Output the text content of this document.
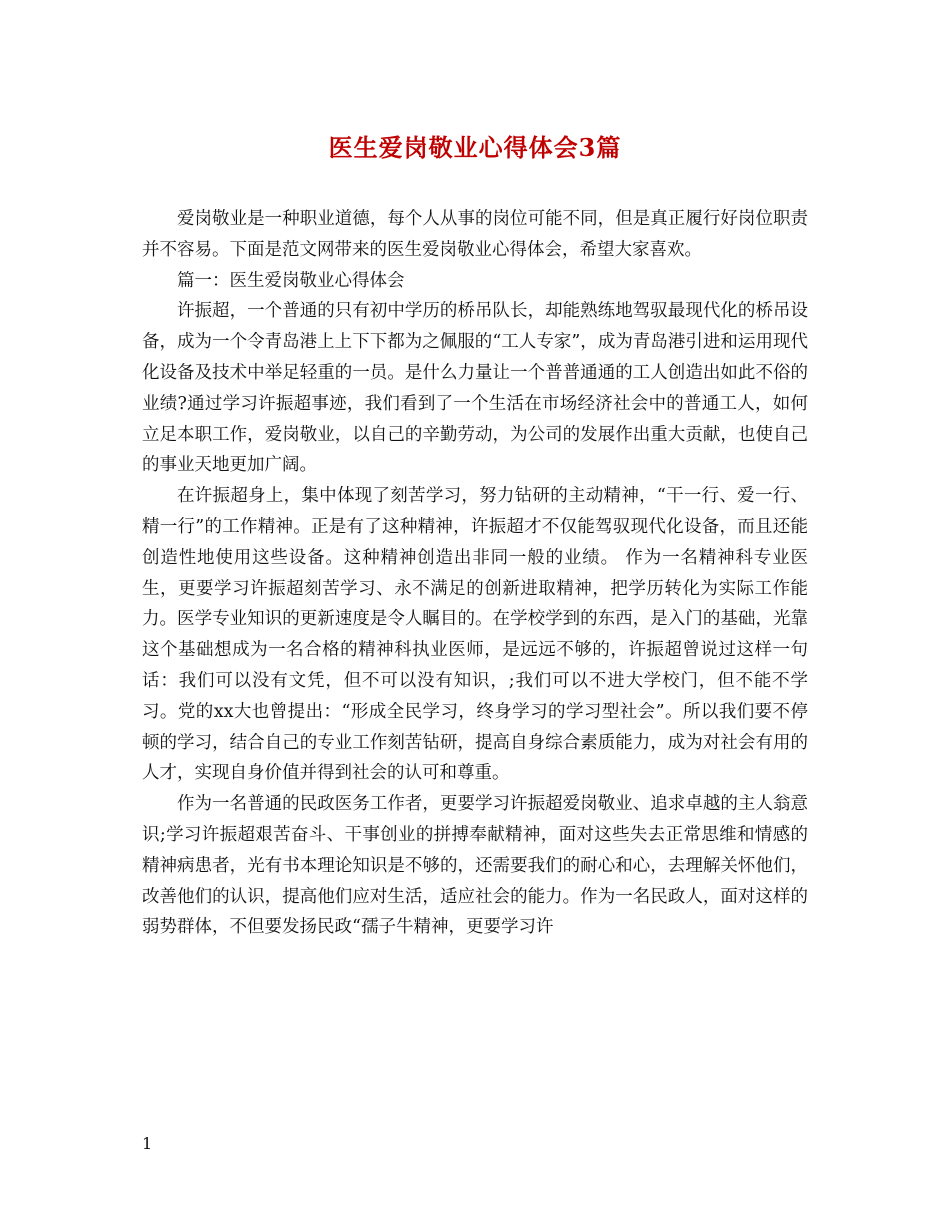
医生爱岗敬业心得体会3篇

爱岗敬业是一种职业道德，每个人从事的岗位可能不同，但是真正履行好岗位职责并不容易。下面是范文网带来的医生爱岗敬业心得体会，希望大家喜欢。

篇一：医生爱岗敬业心得体会

许振超，一个普通的只有初中学历的桥吊队长，却能熟练地驾驭最现代化的桥吊设备，成为一个令青岛港上上下下都为之佩服的“工人专家”，成为青岛港引进和运用现代化设备及技术中举足轻重的一员。是什么力量让一个普普通通的工人创造出如此不俗的业绩?通过学习许振超事迹，我们看到了一个生活在市场经济社会中的普通工人，如何立足本职工作，爱岗敬业，以自己的辛勤劳动，为公司的发展作出重大贡献，也使自己的事业天地更加广阔。

在许振超身上，集中体现了刻苦学习，努力钻研的主动精神，“干一行、爱一行、精一行”的工作精神。正是有了这种精神，许振超才不仅能驾驭现代化设备，而且还能创造性地使用这些设备。这种精神创造出非同一般的业绩。 作为一名精神科专业医生，更要学习许振超刻苦学习、永不满足的创新进取精神，把学历转化为实际工作能力。医学专业知识的更新速度是令人瞩目的。在学校学到的东西，是入门的基础，光靠这个基础想成为一名合格的精神科执业医师，是远远不够的，许振超曾说过这样一句话：我们可以没有文凭，但不可以没有知识，;我们可以不进大学校门，但不能不学习。党的xx大也曾提出：“形成全民学习，终身学习的学习型社会”。所以我们要不停顿的学习，结合自己的专业工作刻苦钻研，提高自身综合素质能力，成为对社会有用的人才，实现自身价值并得到社会的认可和尊重。

作为一名普通的民政医务工作者，更要学习许振超爱岗敬业、追求卓越的主人翁意识;学习许振超艰苦奋斗、干事创业的拼搏奉献精神，面对这些失去正常思维和情感的精神病患者，光有书本理论知识是不够的，还需要我们的耐心和心，去理解关怀他们，改善他们的认识，提高他们应对生活，适应社会的能力。作为一名民政人，面对这样的弱势群体，不但要发扬民政“孺子牛精神，更要学习许

1
